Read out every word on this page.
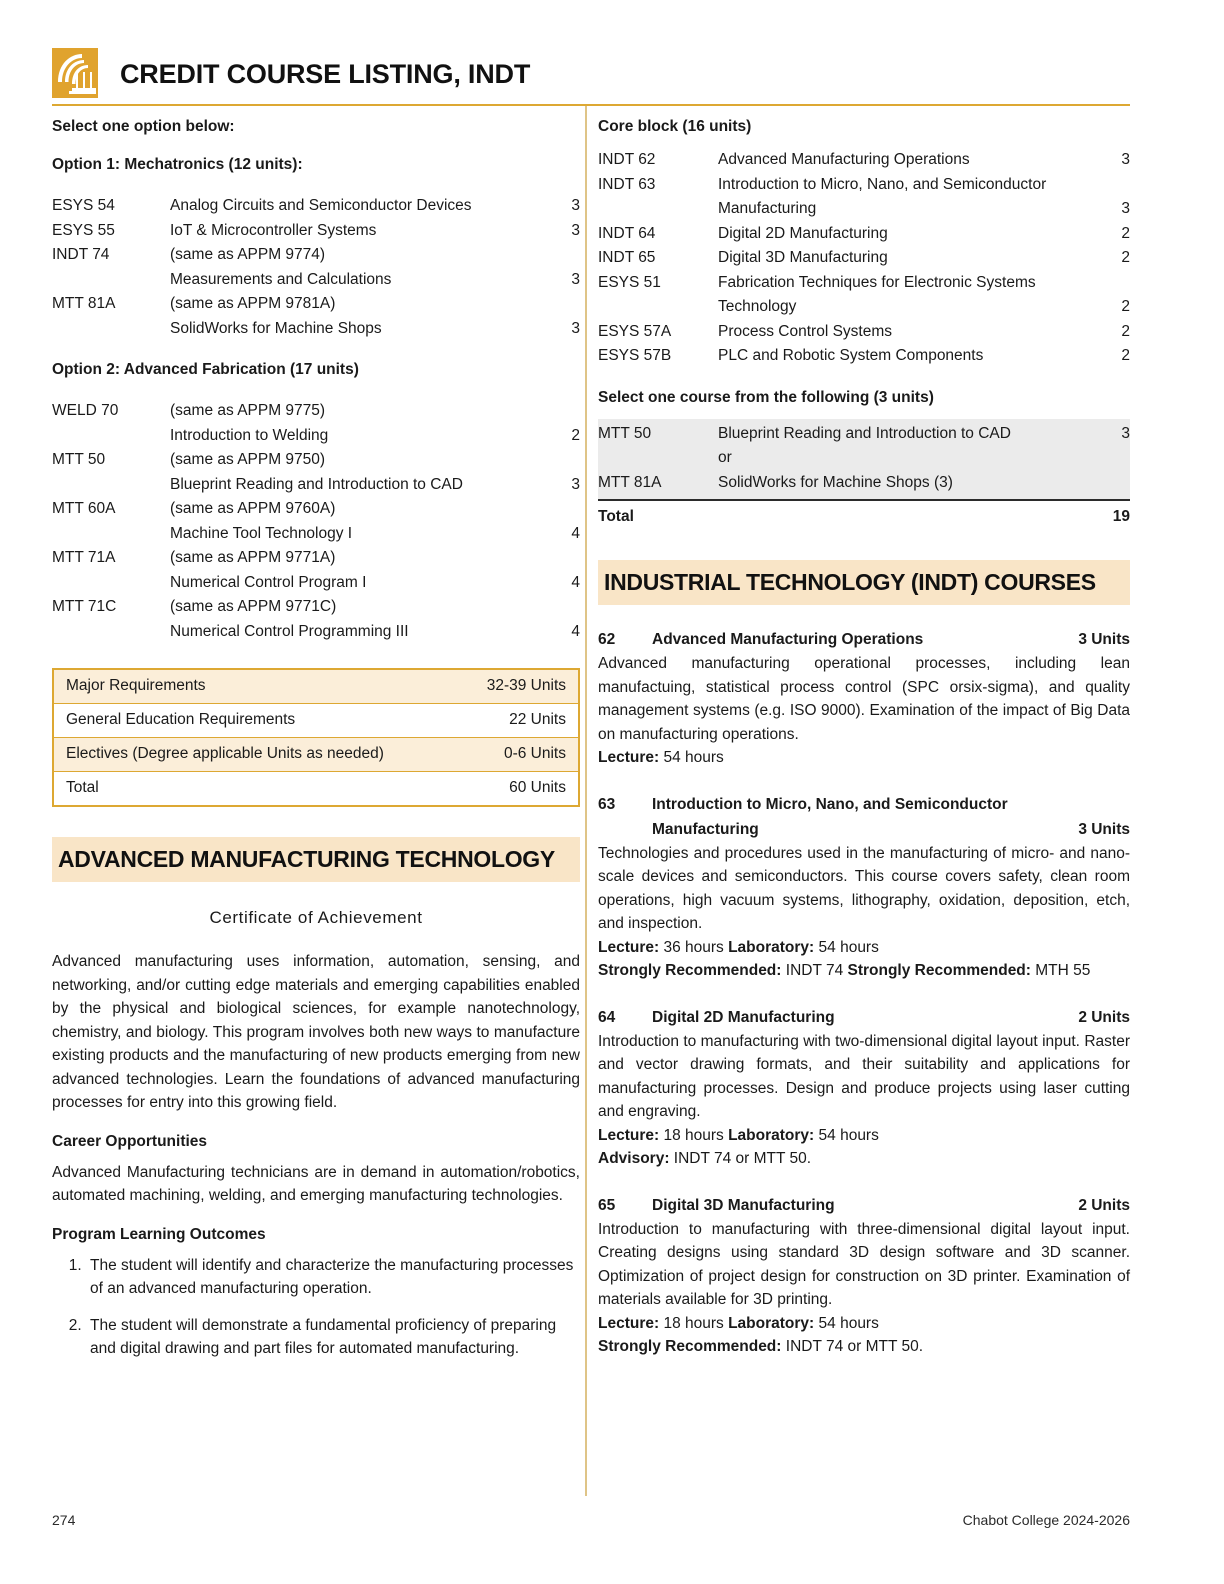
CREDIT COURSE LISTING, INDT
Select one option below:
Option 1: Mechatronics (12 units):
ESYS 54	Analog Circuits and Semiconductor Devices	3
ESYS 55	IoT & Microcontroller Systems	3
INDT 74	(same as APPM 9774)
Measurements and Calculations	3
MTT 81A	(same as APPM 9781A)
SolidWorks for Machine Shops	3
Option 2: Advanced Fabrication (17 units)
WELD 70	(same as APPM 9775)
Introduction to Welding	2
MTT 50	(same as APPM 9750)
Blueprint Reading and Introduction to CAD	3
MTT 60A	(same as APPM 9760A)
Machine Tool Technology I	4
MTT 71A	(same as APPM 9771A)
Numerical Control Program I	4
MTT 71C	(same as APPM 9771C)
Numerical Control Programming III	4
Major Requirements	32-39 Units
General Education Requirements	22 Units
Electives (Degree applicable Units as needed)	0-6 Units
Total	60 Units
ADVANCED MANUFACTURING TECHNOLOGY
Certificate of Achievement

Advanced manufacturing uses information, automation, sensing, and networking, and/or cutting edge materials and emerging capabilities enabled by the physical and biological sciences, for example nanotechnology, chemistry, and biology. This program involves both new ways to manufacture existing products and the manufacturing of new products emerging from new advanced technologies. Learn the foundations of advanced manufacturing processes for entry into this growing field.

Career Opportunities

Advanced Manufacturing technicians are in demand in automation/robotics, automated machining, welding, and emerging manufacturing technologies.

Program Learning Outcomes
1. The student will identify and characterize the manufacturing processes of an advanced manufacturing operation.
2. The student will demonstrate a fundamental proficiency of preparing and digital drawing and part files for automated manufacturing.
Core block (16 units)
INDT 62	Advanced Manufacturing Operations	3
INDT 63	Introduction to Micro, Nano, and Semiconductor
Manufacturing	3
INDT 64	Digital 2D Manufacturing	2
INDT 65	Digital 3D Manufacturing	2
ESYS 51	Fabrication Techniques for Electronic Systems
Technology	2
ESYS 57A	Process Control Systems	2
ESYS 57B	PLC and Robotic System Components	2
Select one course from the following (3 units)
MTT 50	Blueprint Reading and Introduction to CAD	3
or
MTT 81A	SolidWorks for Machine Shops (3)
Total	19
INDUSTRIAL TECHNOLOGY (INDT) COURSES
62	Advanced Manufacturing Operations	3 Units

Advanced manufacturing operational processes, including lean manufactuing, statistical process control (SPC orsix-sigma), and quality management systems (e.g. ISO 9000). Examination of the impact of Big Data on manufacturing operations.

Lecture: 54 hours

63	Introduction to Micro, Nano, and Semiconductor
Manufacturing	3 Units

Technologies and procedures used in the manufacturing of micro- and nano-scale devices and semiconductors. This course covers safety, clean room operations, high vacuum systems, lithography, oxidation, deposition, etch, and inspection.

Lecture: 36 hours Laboratory: 54 hours

Strongly Recommended: INDT 74 Strongly Recommended: MTH 55

64	Digital 2D Manufacturing	2 Units

Introduction to manufacturing with two-dimensional digital layout input. Raster and vector drawing formats, and their suitability and applications for manufacturing processes. Design and produce projects using laser cutting and engraving.

Lecture: 18 hours Laboratory: 54 hours

Advisory: INDT 74 or MTT 50.

65	Digital 3D Manufacturing	2 Units

Introduction to manufacturing with three-dimensional digital layout input. Creating designs using standard 3D design software and 3D scanner. Optimization of project design for construction on 3D printer. Examination of materials available for 3D printing.

Lecture: 18 hours Laboratory: 54 hours

Strongly Recommended: INDT 74 or MTT 50.

274	Chabot College 2024-2026
